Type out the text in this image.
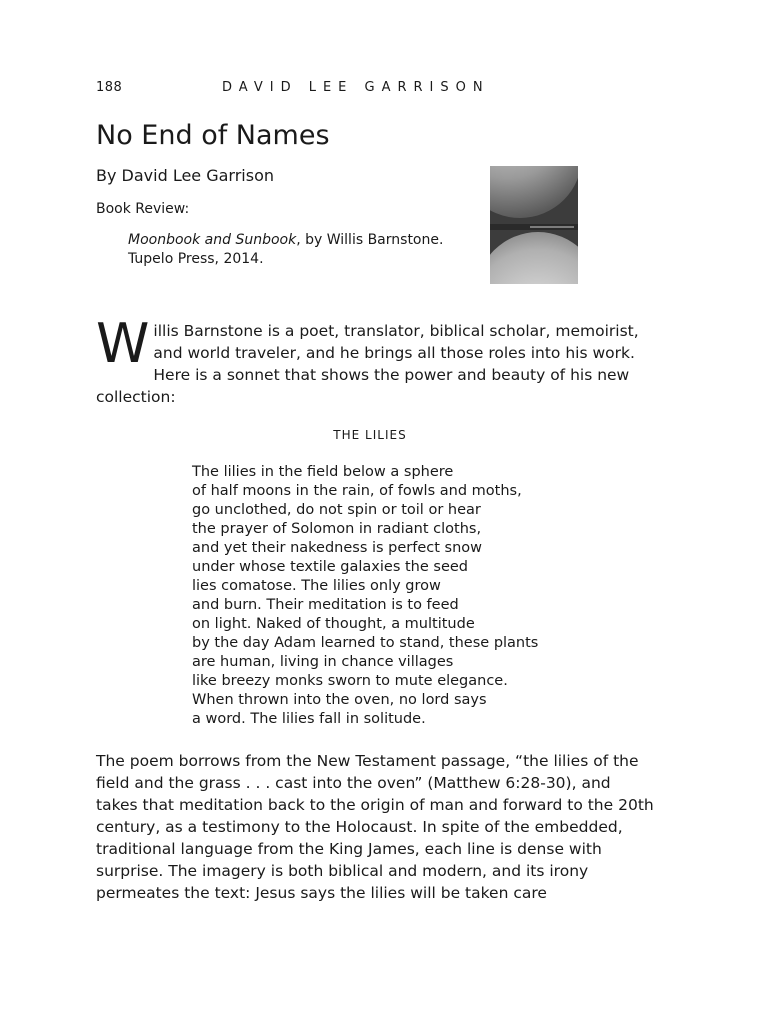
188	DAVID LEE GARRISON
No End of Names
By David Lee Garrison
Book Review:
Moonbook and Sunbook, by Willis Barnstone.
Tupelo Press, 2014.

Willis Barnstone is a poet, translator, biblical scholar, memoirist, and world traveler, and he brings all those roles into his work. Here is a sonnet that shows the power and beauty of his new collection:

THE LILIES
The lilies in the field below a sphere
of half moons in the rain, of fowls and moths,
go unclothed, do not spin or toil or hear
the prayer of Solomon in radiant cloths,
and yet their nakedness is perfect snow
under whose textile galaxies the seed
lies comatose. The lilies only grow
and burn. Their meditation is to feed
on light. Naked of thought, a multitude
by the day Adam learned to stand, these plants
are human, living in chance villages
like breezy monks sworn to mute elegance.
When thrown into the oven, no lord says
a word. The lilies fall in solitude.

The poem borrows from the New Testament passage, “the lilies of the field and the grass . . . cast into the oven” (Matthew 6:28-30), and takes that meditation back to the origin of man and forward to the 20th century, as a testimony to the Holocaust. In spite of the embedded, traditional language from the King James, each line is dense with surprise. The imagery is both biblical and modern, and its irony permeates the text: Jesus says the lilies will be taken care
